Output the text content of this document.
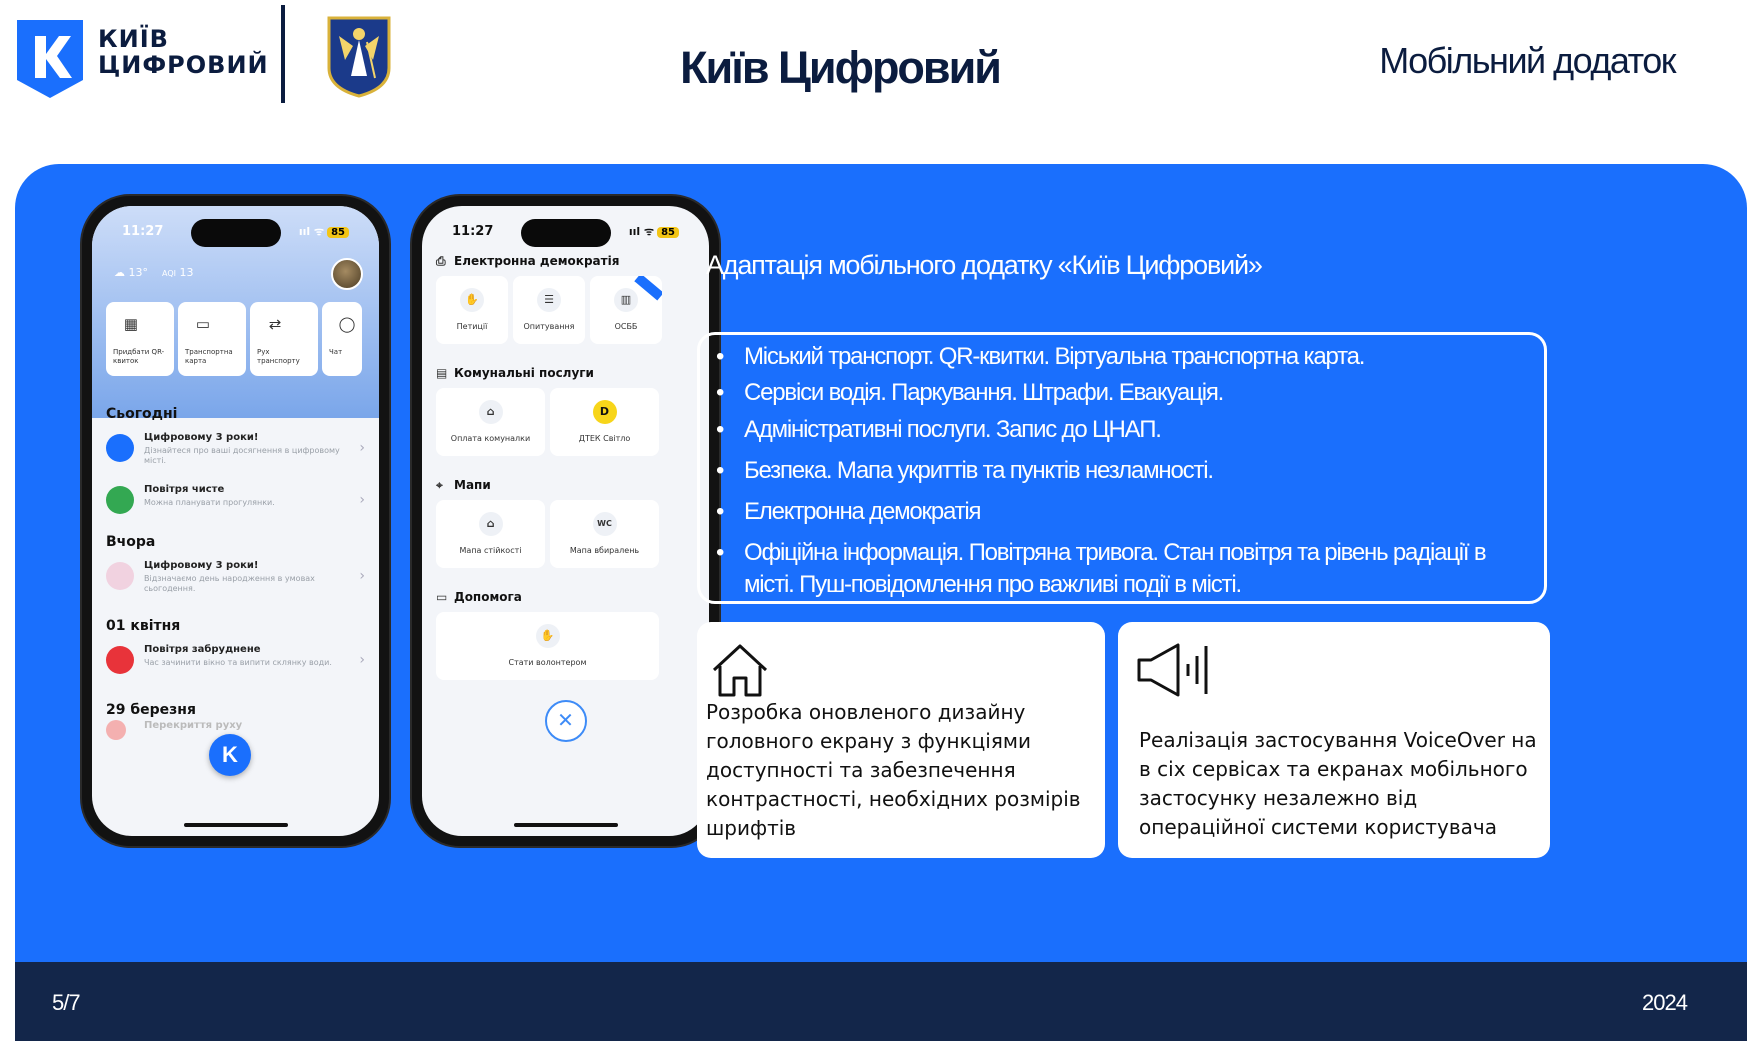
КИЇВ
ЦИФРОВИЙ	Київ Цифровий	Мобільний додаток
11:27	ııl ᯤ 85
☁ 13° AQI 13
▦
Придбати QR-квиток
▭
Транспортна карта
⇄
Рух транспорту
◯
Чат
Сьогодні
Цифровому 3 роки!
Дізнайтеся про ваші досягнення в цифровому місті.
›
Повітря чисте
Можна планувати прогулянки.	›
Вчора
Цифровому 3 роки!
Відзначаємо день народження в умовах сьогодення.
›
01 квітня
Повітря забруднене
Час зачинити вікно та випити склянку води.	›
29 березня
Перекриття руху
K
11:27	ııl ᯤ 85
⎙ Електронна демократія
✋
Петиції
☰
Опитування
▥
ОСББ
▤ Комунальні послуги
⌂
Оплата комуналки
D
ДТЕК Світло
⌖ Мапи
⌂
Мапа стійкості
WC
Мапа вбиралень
▭ Допомога
✋
Стати волонтером
✕
Адаптація мобільного додатку «Київ Цифровий»
• Міський транспорт. QR-квитки. Віртуальна транспортна карта.
• Сервіси водія. Паркування. Штрафи. Евакуація.
• Адміністративні послуги. Запис до ЦНАП.
• Безпека. Мапа укриттів та пунктів незламності.
• Електронна демократія
• Офіційна інформація. Повітряна тривога. Стан повітря та рівень радіації в місті. Пуш-повідомлення про важливі події в місті.
Розробка оновленого дизайну головного екрану з функціями доступності та забезпечення контрастності, необхідних розмірів шрифтів
Реалізація застосування VoiceOver на в сіх сервісах та екранах мобільного застосунку незалежно від операційної системи користувача
5/7	2024
